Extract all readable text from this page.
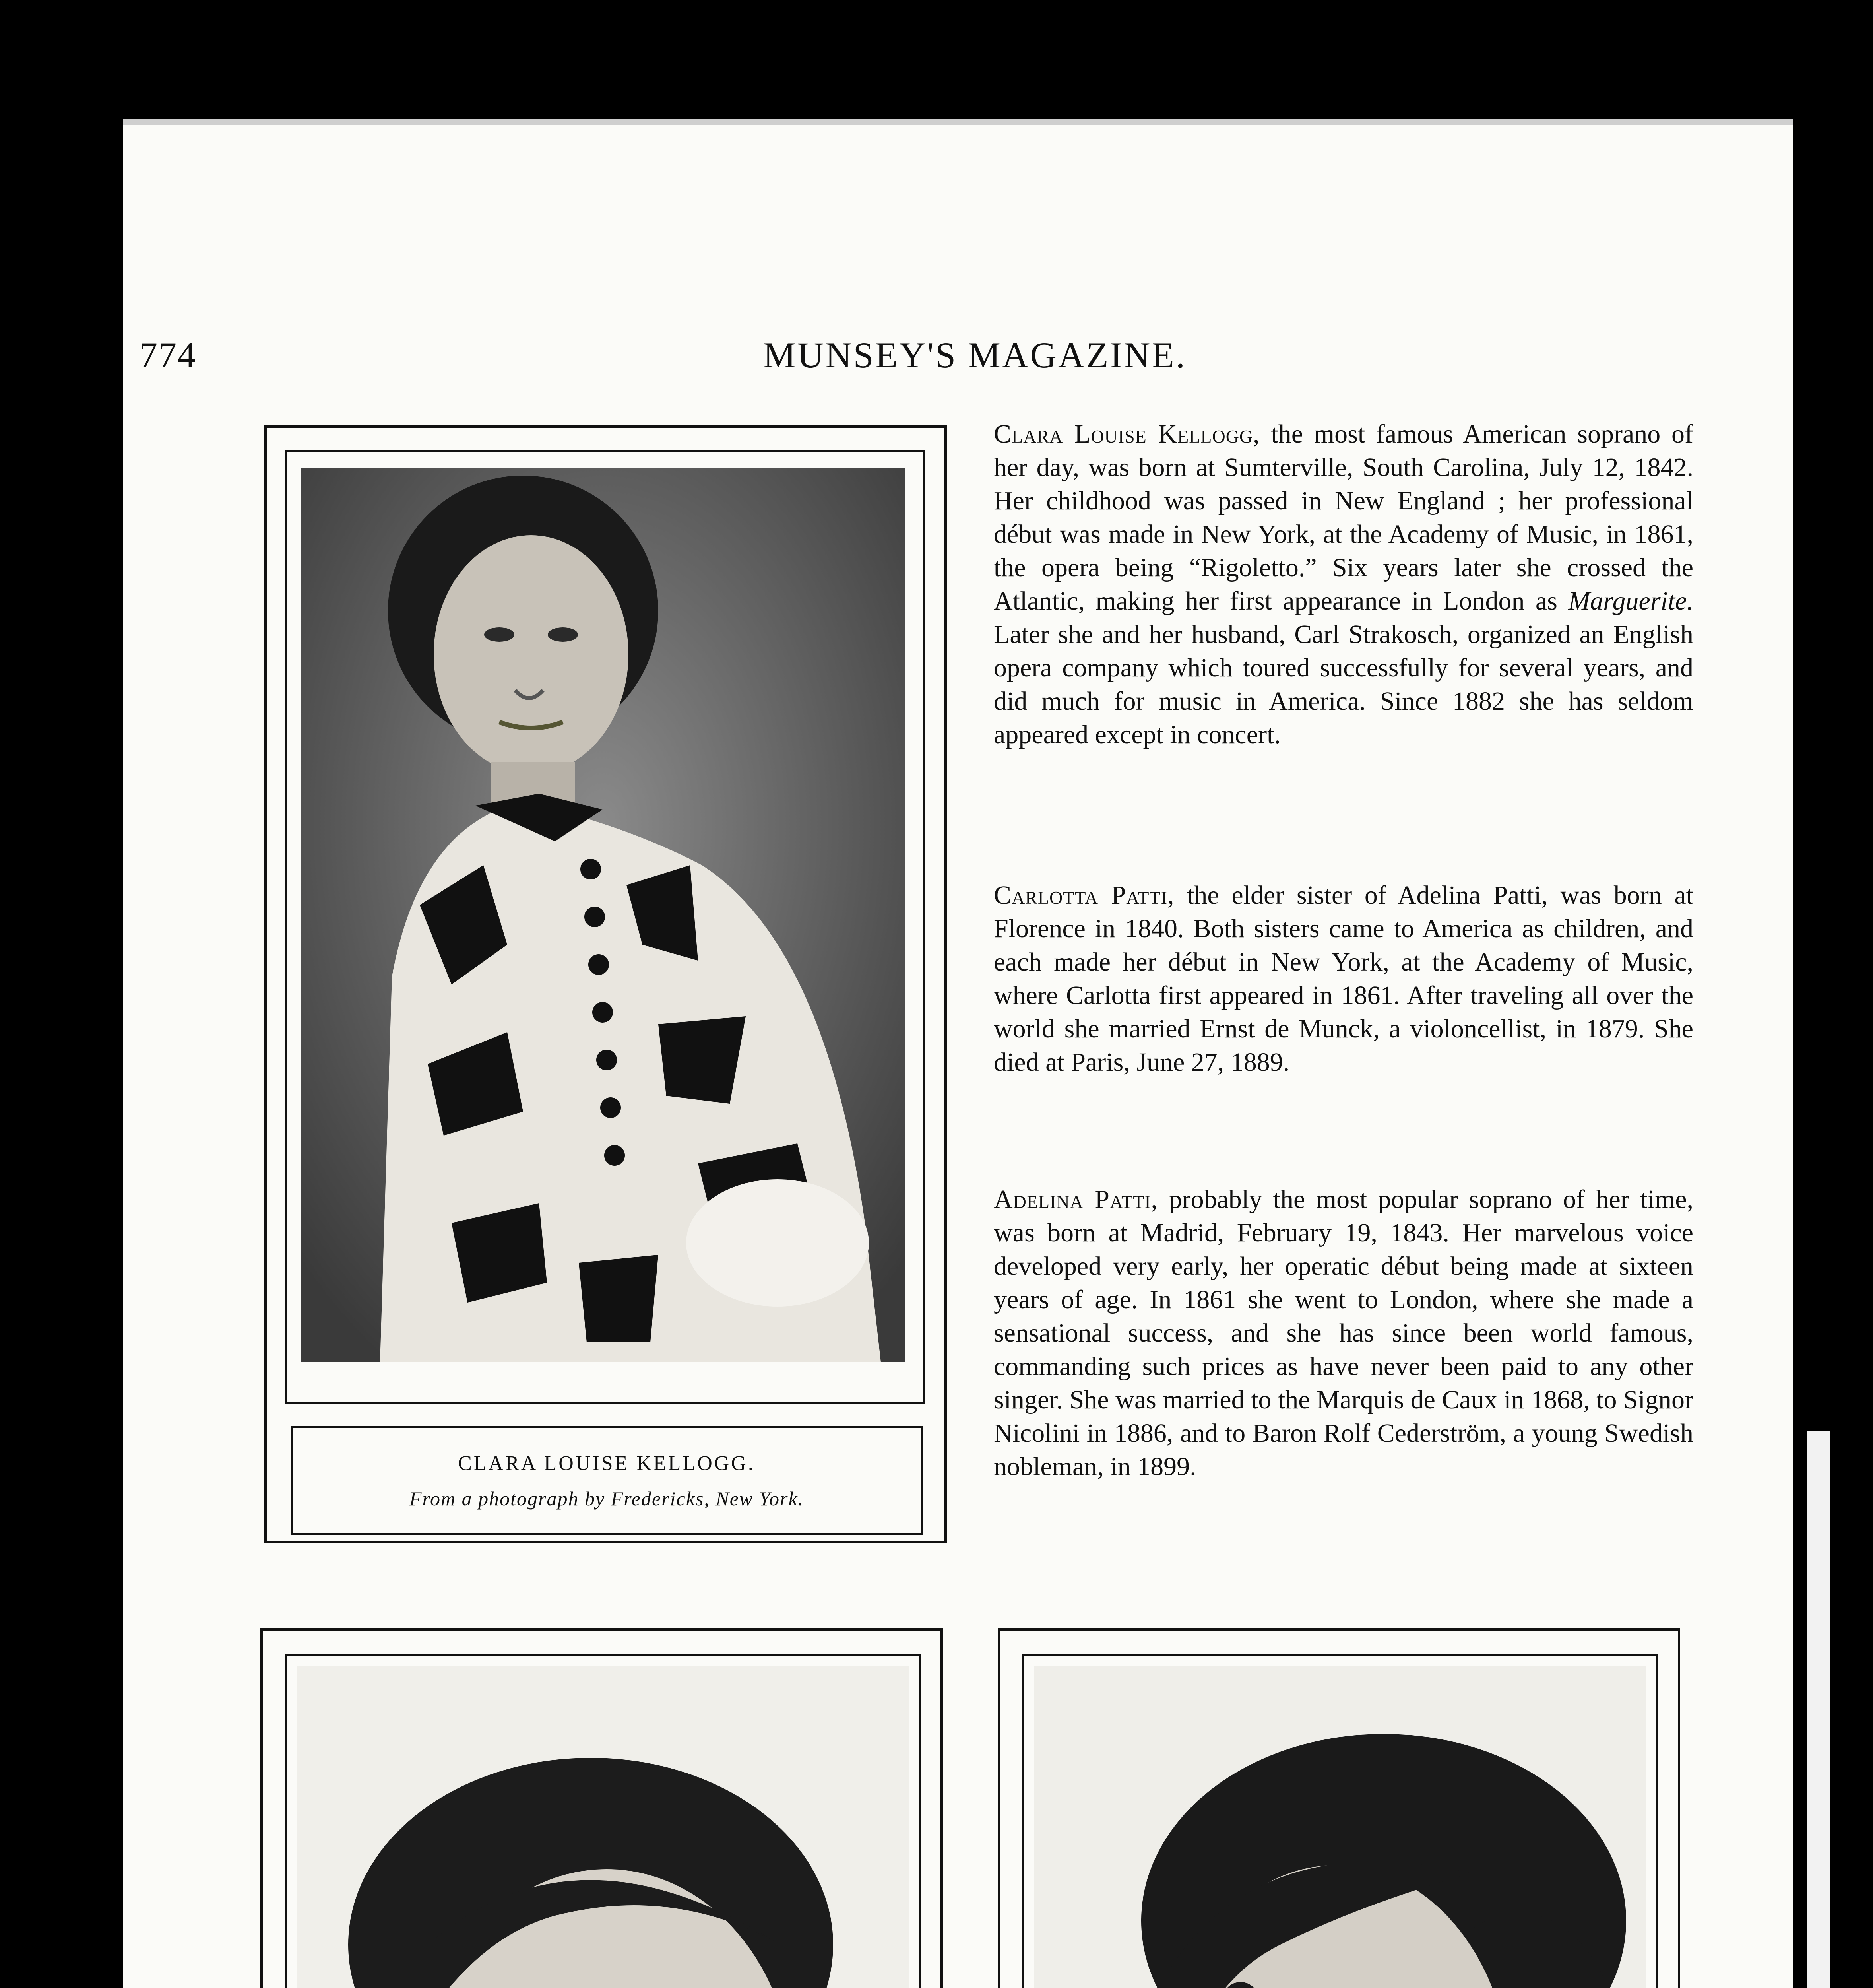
774	MUNSEY'S MAGAZINE.
CLARA LOUISE KELLOGG.
From a photograph by Fredericks, New York.

Clara Louise Kellogg, the most famous American soprano of her day, was born at Sumterville, South Carolina, July 12, 1842. Her childhood was passed in New England ; her professional début was made in New York, at the Academy of Music, in 1861, the opera being “Rigoletto.” Six years later she crossed the Atlantic, making her first appearance in London as Marguerite. Later she and her husband, Carl Strakosch, organized an English opera company which toured successfully for several years, and did much for music in America. Since 1882 she has seldom appeared except in concert.

Carlotta Patti, the elder sister of Adelina Patti, was born at Florence in 1840. Both sisters came to America as children, and each made her début in New York, at the Academy of Music, where Carlotta first appeared in 1861. After traveling all over the world she married Ernst de Munck, a violoncellist, in 1879. She died at Paris, June 27, 1889.

Adelina Patti, probably the most popular soprano of her time, was born at Madrid, February 19, 1843. Her marvelous voice developed very early, her operatic début being made at sixteen years of age. In 1861 she went to London, where she made a sensational success, and she has since been world famous, commanding such prices as have never been paid to any other singer. She was married to the Marquis de Caux in 1868, to Signor Nicolini in 1886, and to Baron Rolf Cederström, a young Swedish nobleman, in 1899.
